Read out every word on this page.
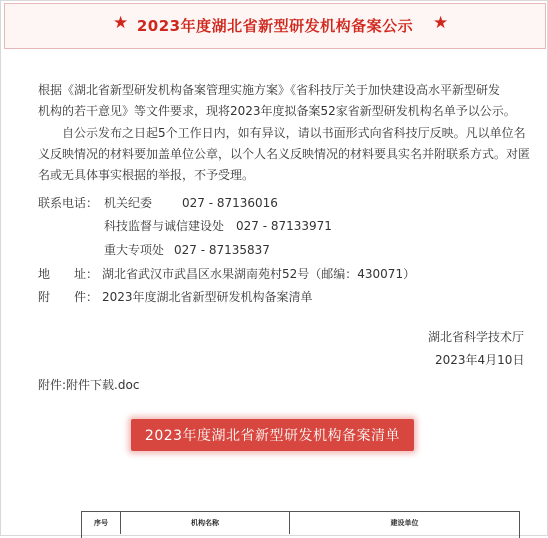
★ 2023年度湖北省新型研发机构备案公示	★
根据《湖北省新型研发机构备案管理实施方案》《省科技厅关于加快建设高水平新型研发
机构的若干意见》等文件要求，现将2023年度拟备案52家省新型研发机构名单予以公示。
自公示发布之日起5个工作日内，如有异议，请以书面形式向省科技厅反映。凡以单位名
义反映情况的材料要加盖单位公章，以个人名义反映情况的材料要具实名并附联系方式。对匿
名或无具体事实根据的举报，不予受理。
联系电话： 机关纪委 027 - 87136016
科技监督与诚信建设处 027 - 87133971
重大专项处 027 - 87135837
地　　址： 湖北省武汉市武昌区水果湖南苑村52号（邮编：430071）
附　　件： 2023年度湖北省新型研发机构备案清单
湖北省科学技术厅
2023年4月10日
附件:附件下载.doc
2023年度湖北省新型研发机构备案清单
序号	机构名称	建设单位
